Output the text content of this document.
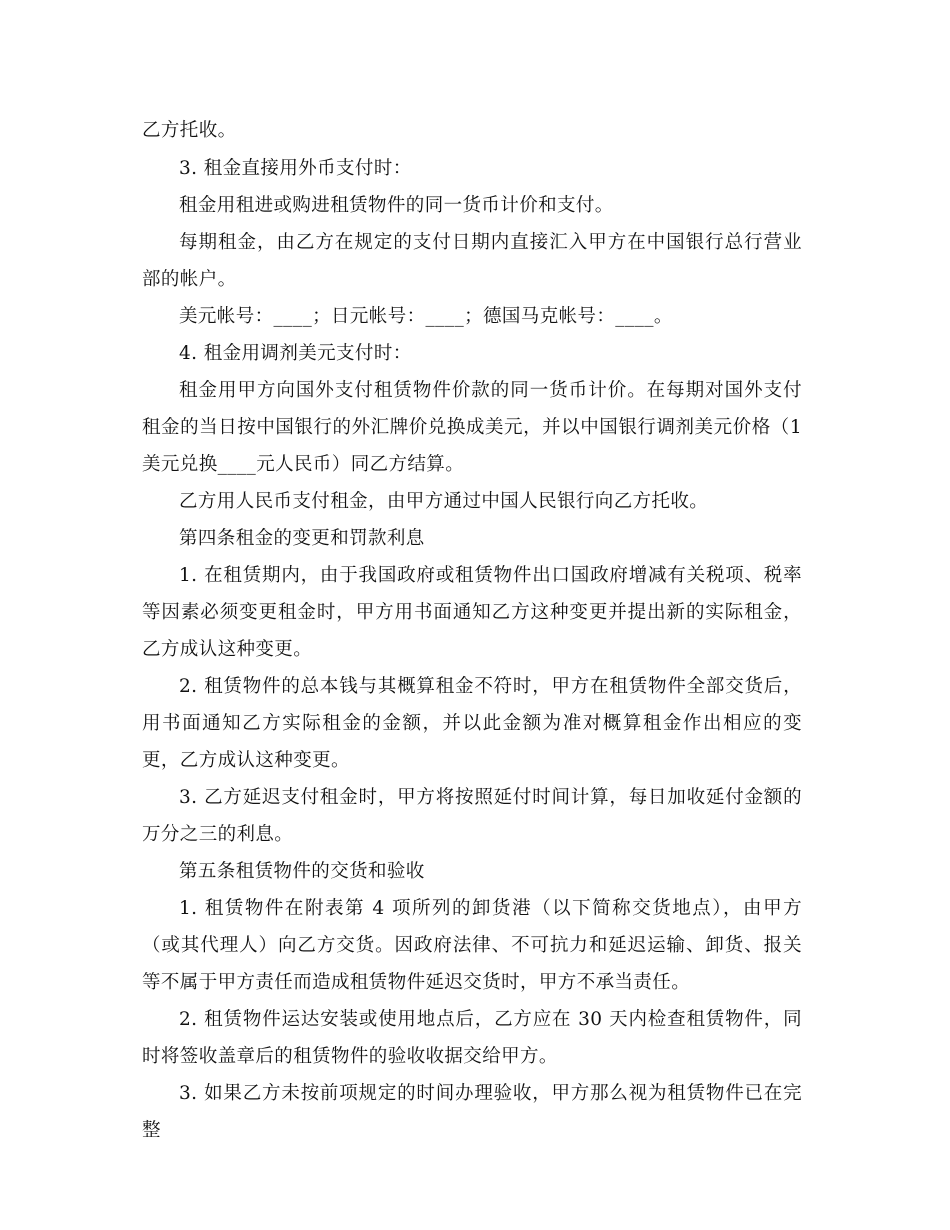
乙方托收。

3. 租金直接用外币支付时：

租金用租进或购进租赁物件的同一货币计价和支付。

每期租金，由乙方在规定的支付日期内直接汇入甲方在中国银行总行营业部的帐户。

美元帐号：____；日元帐号：____；德国马克帐号：____。

4. 租金用调剂美元支付时：

租金用甲方向国外支付租赁物件价款的同一货币计价。在每期对国外支付租金的当日按中国银行的外汇牌价兑换成美元，并以中国银行调剂美元价格（1 美元兑换____元人民币）同乙方结算。

乙方用人民币支付租金，由甲方通过中国人民银行向乙方托收。

第四条租金的变更和罚款利息

1. 在租赁期内，由于我国政府或租赁物件出口国政府增减有关税项、税率等因素必须变更租金时，甲方用书面通知乙方这种变更并提出新的实际租金，乙方成认这种变更。

2. 租赁物件的总本钱与其概算租金不符时，甲方在租赁物件全部交货后，用书面通知乙方实际租金的金额，并以此金额为准对概算租金作出相应的变更，乙方成认这种变更。

3. 乙方延迟支付租金时，甲方将按照延付时间计算，每日加收延付金额的万分之三的利息。

第五条租赁物件的交货和验收

1. 租赁物件在附表第 4 项所列的卸货港（以下简称交货地点），由甲方（或其代理人）向乙方交货。因政府法律、不可抗力和延迟运输、卸货、报关等不属于甲方责任而造成租赁物件延迟交货时，甲方不承当责任。

2. 租赁物件运达安装或使用地点后，乙方应在 30 天内检查租赁物件，同时将签收盖章后的租赁物件的验收收据交给甲方。

3. 如果乙方未按前项规定的时间办理验收，甲方那么视为租赁物件已在完整
